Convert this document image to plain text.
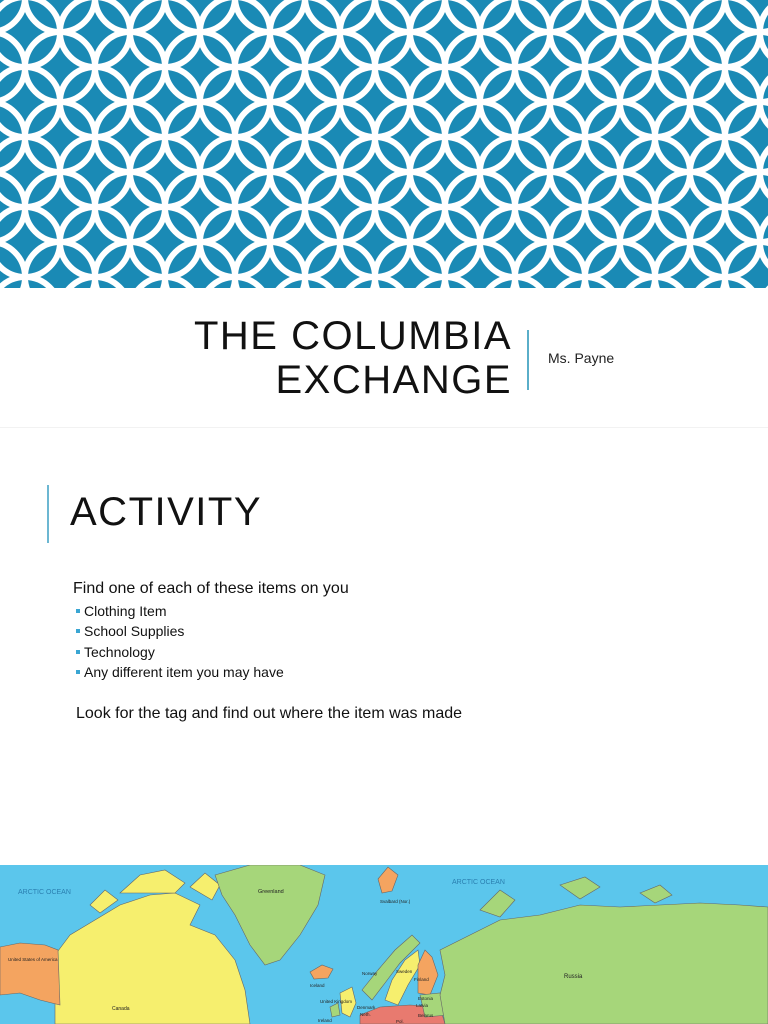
THE COLUMBIA
EXCHANGE	Ms. Payne
ACTIVITY
Find one of each of these items on you
Clothing Item
School Supplies
Technology
Any different item you may have
Look for the tag and find out where the item was made
ARCTIC OCEAN
ARCTIC OCEAN
Greenland
Svalbard (Nor.)
United States of America
Canada
Iceland
Norway	Sweden
Finland	Russia
United Kingdom
Ireland
Denmark
Neth.
Estonia
Latvia
Belarus
Pol.
